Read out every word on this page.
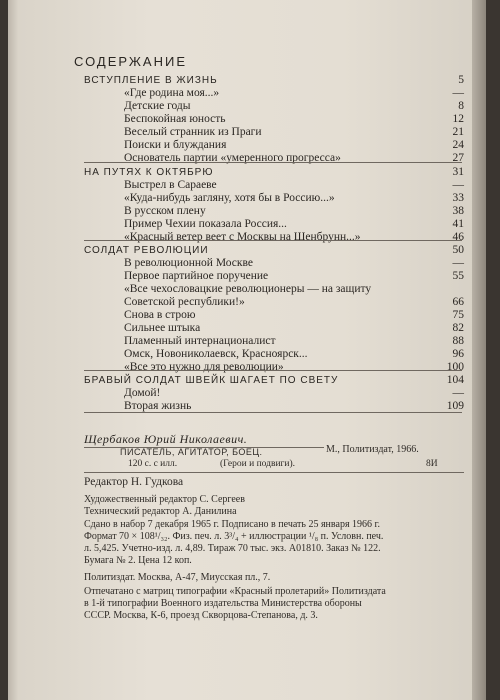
СОДЕРЖАНИЕ
ВСТУПЛЕНИЕ В ЖИЗНЬ	5
«Где родина моя...»	—
Детские годы	8
Беспокойная юность	12
Веселый странник из Праги	21
Поиски и блуждания	24
Основатель партии «умеренного прогресса»	27
НА ПУТЯХ К ОКТЯБРЮ	31
Выстрел в Сараеве	—
«Куда-нибудь загляну, хотя бы в Россию...»	33
В русском плену	38
Пример Чехии показала Россия...	41
«Красный ветер веет с Москвы на Шенбрунн...»	46
СОЛДАТ РЕВОЛЮЦИИ	50
В революционной Москве	—
Первое партийное поручение	55
«Все чехословацкие революционеры — на защиту
Советской республики!»	66
Снова в строю	75
Сильнее штыка	82
Пламенный интернационалист	88
Омск, Новониколаевск, Красноярск...	96
«Все это нужно для революции»	100
БРАВЫЙ СОЛДАТ ШВЕЙК ШАГАЕТ ПО СВЕТУ	104
Домой!	—
Вторая жизнь	109
Щербаков Юрий Николаевич.
ПИСАТЕЛЬ, АГИТАТОР, БОЕЦ.	М., Политиздат, 1966.
120 с. с илл.	(Герои и подвиги).	8И
Редактор Н. Гудкова
Художественный редактор С. Сергеев
Технический редактор А. Данилина
Сдано в набор 7 декабря 1965 г. Подписано в печать 25 января 1966 г.
Формат 70 × 108¹/₃₂. Физ. печ. л. 3³/₄ + иллюстрации ¹/₈ п. Условн. печ.
л. 5,425. Учетно-изд. л. 4,89. Тираж 70 тыс. экз. А01810. Заказ № 122.
Бумага № 2. Цена 12 коп.
Политиздат. Москва, А-47, Миусская пл., 7.
Отпечатано с матриц типографии «Красный пролетарий» Политиздата
в 1-й типографии Военного издательства Министерства обороны
СССР. Москва, К-6, проезд Скворцова-Степанова, д. 3.
